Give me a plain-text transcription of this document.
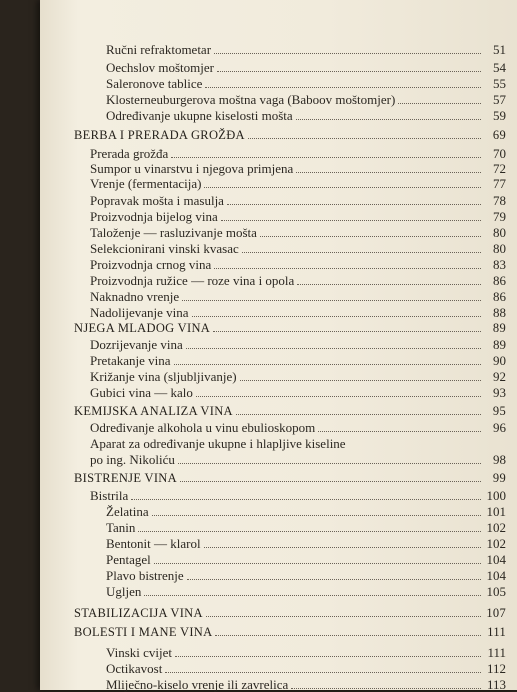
Ručni refraktometar	51
Oechslov moštomjer	54
Saleronove tablice	55
Klosterneuburgerova moštna vaga (Baboov moštomjer)	57
Određivanje ukupne kiselosti mošta	59
BERBA I PRERADA GROŽĐA	69
Prerada grožđa	70
Sumpor u vinarstvu i njegova primjena	72
Vrenje (fermentacija)	77
Popravak mošta i masulja	78
Proizvodnja bijelog vina	79
Taloženje — rasluzivanje mošta	80
Selekcionirani vinski kvasac	80
Proizvodnja crnog vina	83
Proizvodnja ružice — roze vina i opola	86
Naknadno vrenje	86
Nadolijevanje vina	88
NJEGA MLADOG VINA	89
Dozrijevanje vina	89
Pretakanje vina	90
Križanje vina (sljubljivanje)	92
Gubici vina — kalo	93
KEMIJSKA ANALIZA VINA	95
Određivanje alkohola u vinu ebulioskopom	96
Aparat za određivanje ukupne i hlapljive kiseline
po ing. Nikoliću	98
BISTRENJE VINA	99
Bistrila	100
Želatina	101
Tanin	102
Bentonit — klarol	102
Pentagel	104
Plavo bistrenje	104
Ugljen	105
STABILIZACIJA VINA	107
BOLESTI I MANE VINA	111
Vinski cvijet	111
Octikavost	112
Mliječno-kiselo vrenje ili zavrelica	113
